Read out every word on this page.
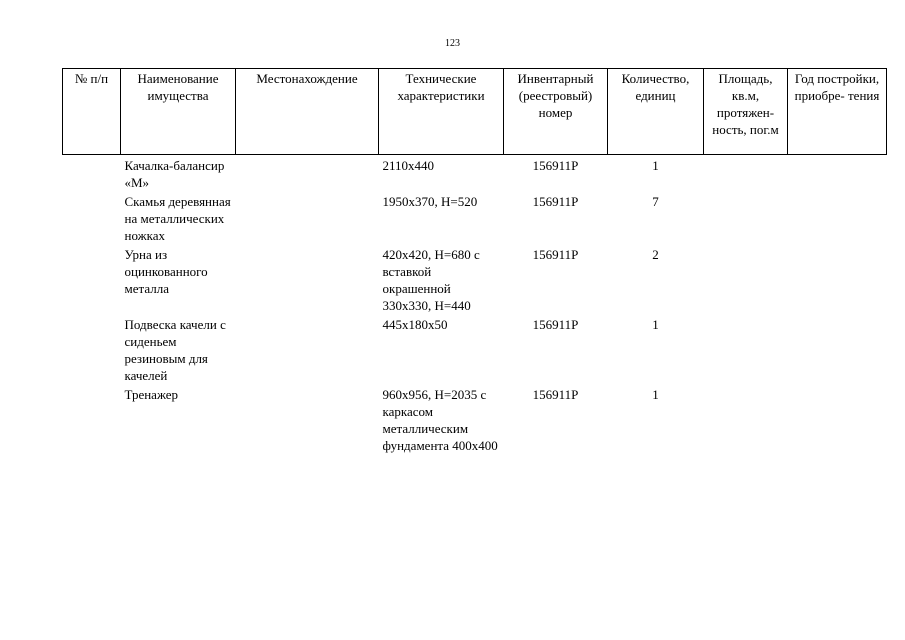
123
№ п/п	Наименование имущества	Местонахождение	Технические характеристики	Инвентарный (реестровый) номер	Количество, единиц	Площадь, кв.м, протяжен- ность, пог.м	Год постройки, приобре- тения
	Качалка-балансир «М»		2110х440	156911Р	1		
	Скамья деревянная на металлических ножках		1950х370, Н=520	156911Р	7		
	Урна из оцинкованного металла		420х420, Н=680 с вставкой окрашенной 330х330, Н=440	156911Р	2		
	Подвеска качели с сиденьем резиновым для качелей		445х180х50	156911Р	1		
	Тренажер		960х956, Н=2035 с каркасом металлическим фундамента 400х400	156911Р	1		
